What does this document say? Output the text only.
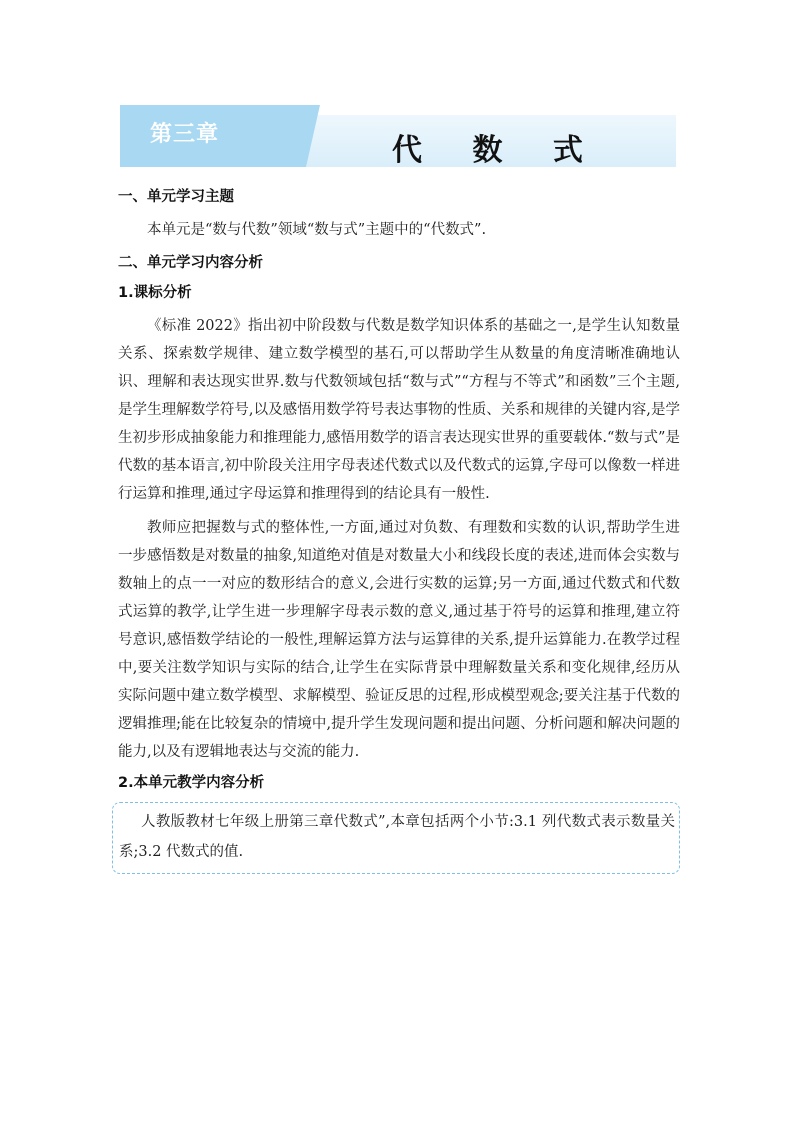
第三章	代 数 式
一、单元学习主题

本单元是“数与代数”领域“数与式”主题中的“代数式”.

二、单元学习内容分析
1.课标分析

《标准 2022》指出初中阶段数与代数是数学知识体系的基础之一,是学生认知数量关系、探索数学规律、建立数学模型的基石,可以帮助学生从数量的角度清晰准确地认识、理解和表达现实世界.数与代数领域包括“数与式”“方程与不等式”和函数”三个主题,是学生理解数学符号,以及感悟用数学符号表达事物的性质、关系和规律的关键内容,是学生初步形成抽象能力和推理能力,感悟用数学的语言表达现实世界的重要载体.“数与式”是代数的基本语言,初中阶段关注用字母表述代数式以及代数式的运算,字母可以像数一样进行运算和推理,通过字母运算和推理得到的结论具有一般性.

教师应把握数与式的整体性,一方面,通过对负数、有理数和实数的认识,帮助学生进一步感悟数是对数量的抽象,知道绝对值是对数量大小和线段长度的表述,进而体会实数与数轴上的点一一对应的数形结合的意义,会进行实数的运算;另一方面,通过代数式和代数式运算的教学,让学生进一步理解字母表示数的意义,通过基于符号的运算和推理,建立符号意识,感悟数学结论的一般性,理解运算方法与运算律的关系,提升运算能力.在教学过程中,要关注数学知识与实际的结合,让学生在实际背景中理解数量关系和变化规律,经历从实际问题中建立数学模型、求解模型、验证反思的过程,形成模型观念;要关注基于代数的逻辑推理;能在比较复杂的情境中,提升学生发现问题和提出问题、分析问题和解决问题的能力,以及有逻辑地表达与交流的能力.

2.本单元教学内容分析

人教版教材七年级上册第三章代数式”,本章包括两个小节:3.1 列代数式表示数量关系;3.2 代数式的值.
